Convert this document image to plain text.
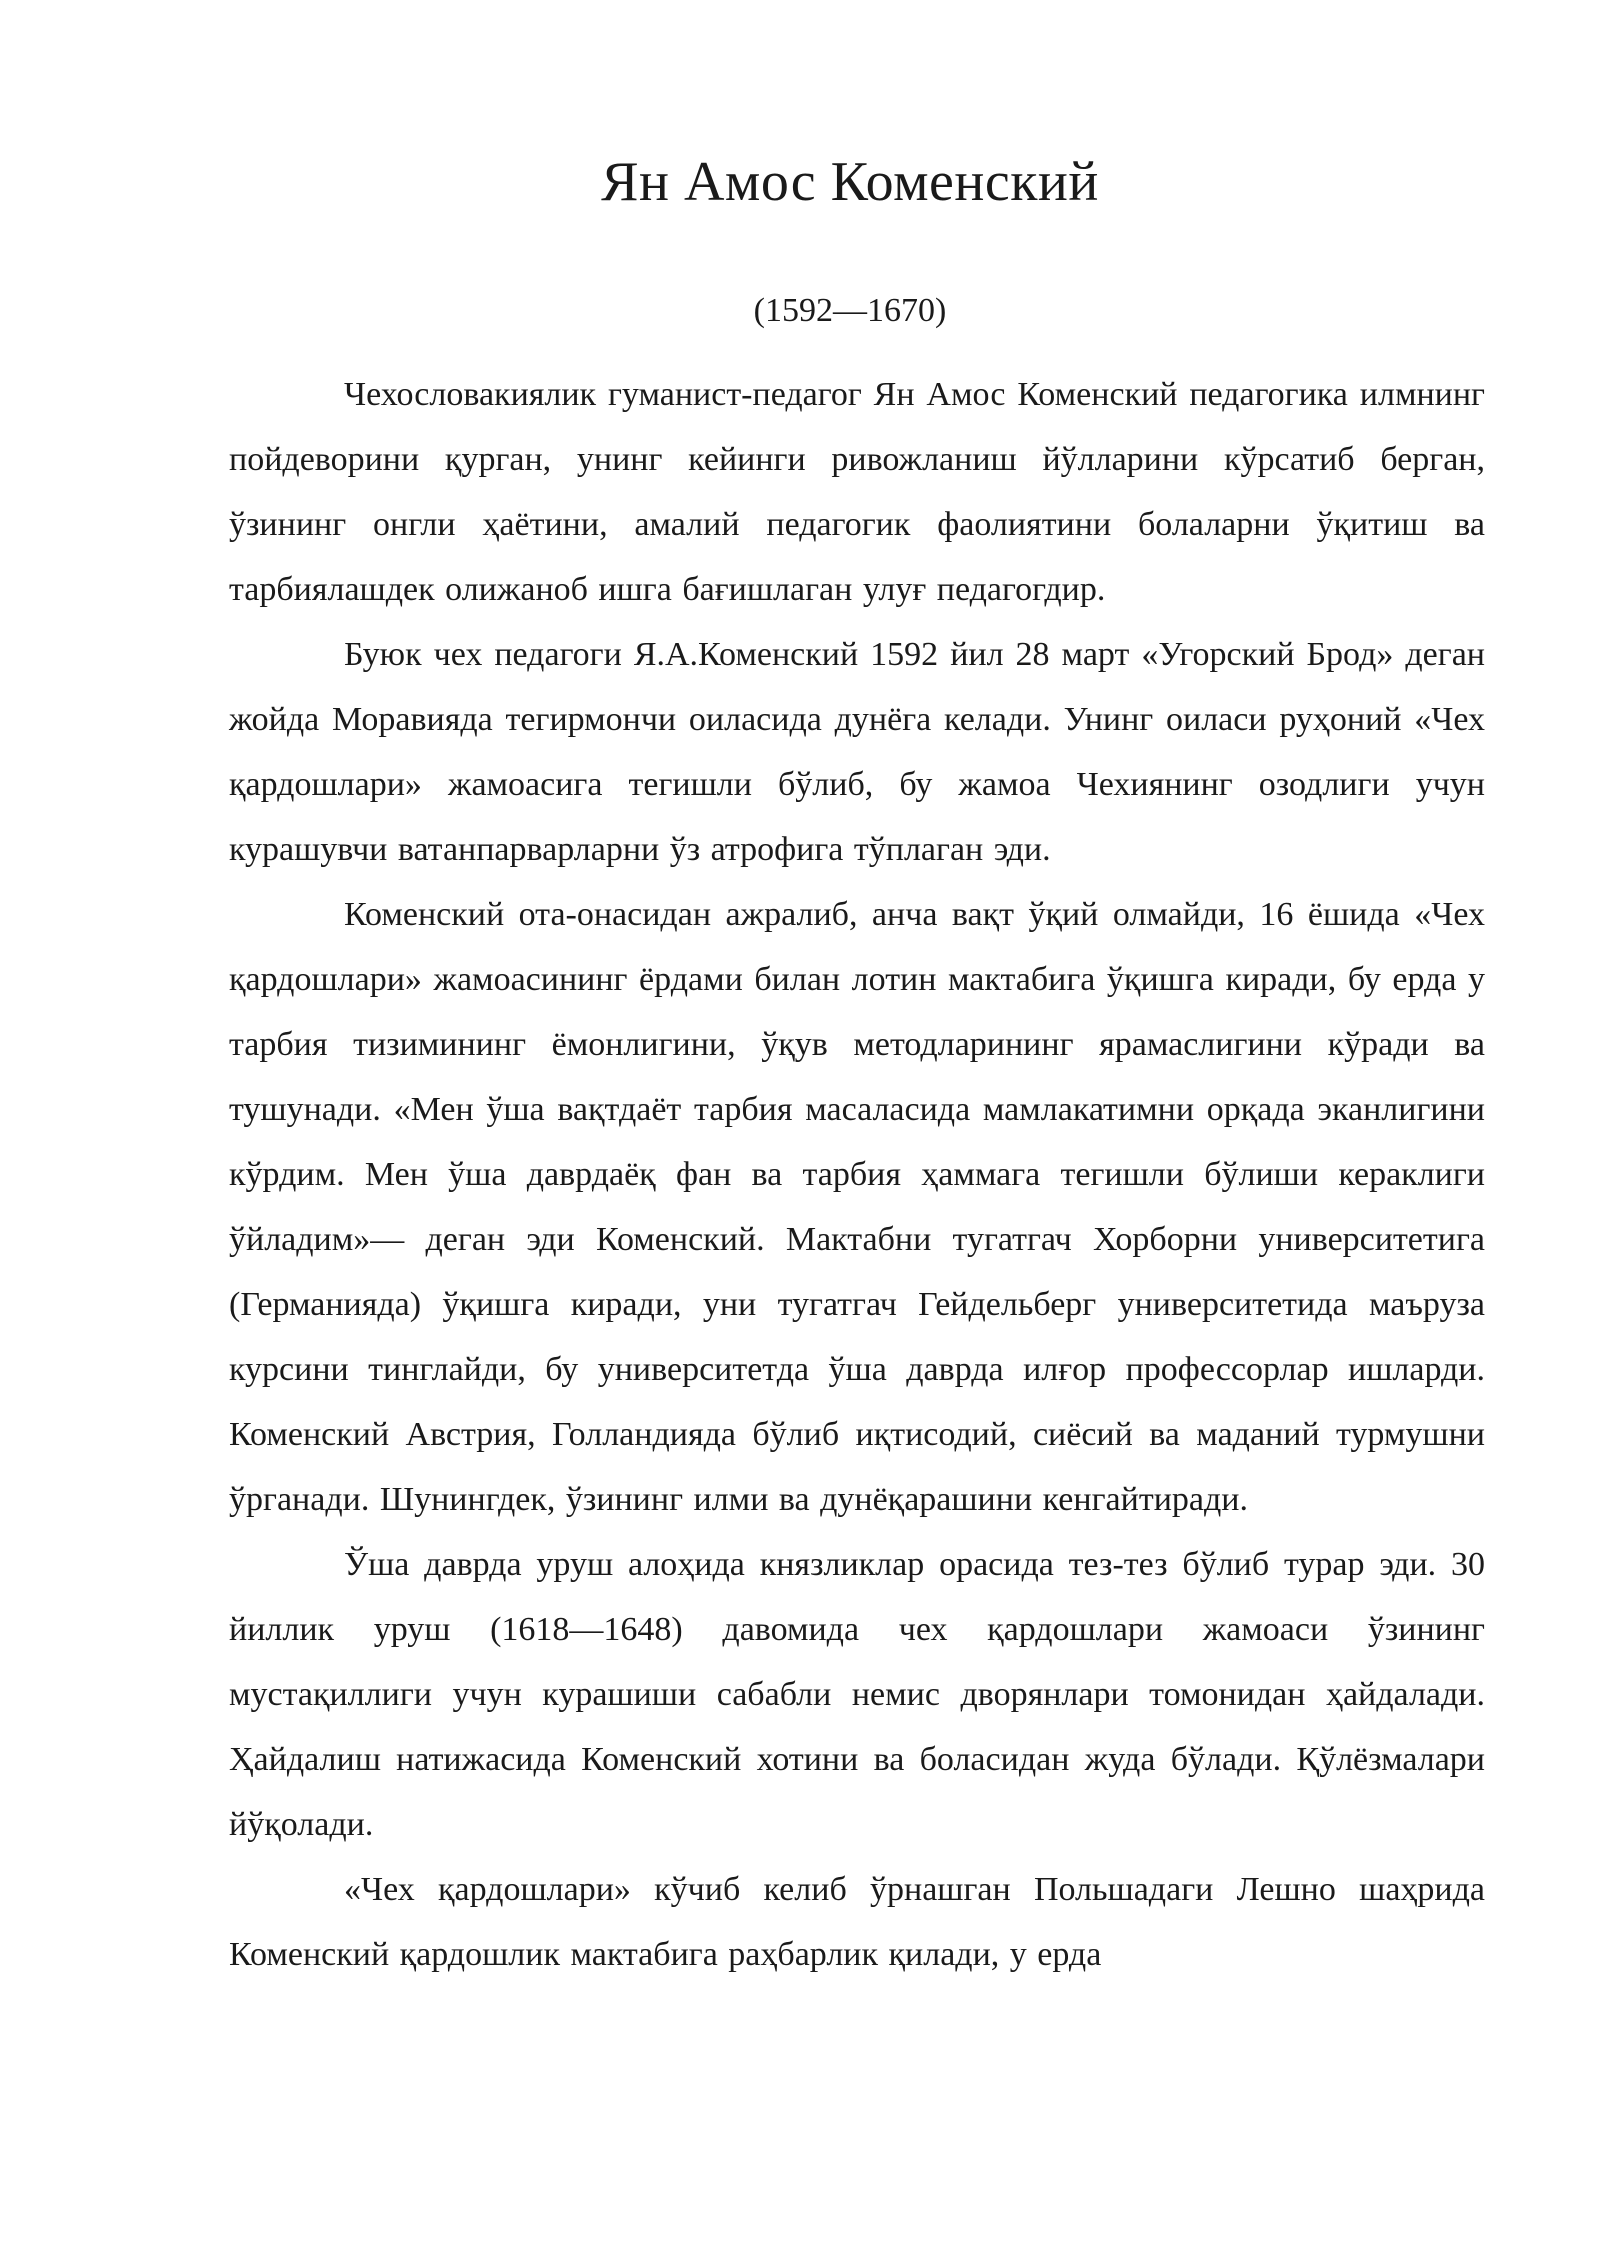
Ян Амос Коменский
(1592—1670)

Чехословакиялик гуманист-педагог Ян Амос Коменский педагогика илмнинг пойдеворини қурган, унинг кейинги ривожланиш йўлларини кўрсатиб берган, ўзининг онгли ҳаётини, амалий педагогик фаолиятини болаларни ўқитиш ва тарбиялашдек олижаноб ишга бағишлаган улуғ педагогдир.

Буюк чех педагоги Я.А.Коменский 1592 йил 28 март «Угорский Брод» деган жойда Моравияда тегирмончи оиласида дунёга келади. Унинг оиласи руҳоний «Чех қардошлари» жамоасига тегишли бўлиб, бу жамоа Чехиянинг озодлиги учун курашувчи ватанпарварларни ўз атрофига тўплаган эди.

Коменский ота-онасидан ажралиб, анча вақт ўқий олмайди, 16 ёшида «Чех қардошлари» жамоасининг ёрдами билан лотин мактабига ўқишга киради, бу ерда у тарбия тизимининг ёмонлигини, ўқув методларининг ярамаслигини кўради ва тушунади. «Мен ўша вақтдаёт тарбия масаласида мамлакатимни орқада эканлигини кўрдим. Мен ўша даврдаёқ фан ва тарбия ҳаммага тегишли бўлиши кераклиги ўйладим»— деган эди Коменский. Мактабни тугатгач Хорборни университетига (Германияда) ўқишга киради, уни тугатгач Гейдельберг университетида маъруза курсини тинглайди, бу университетда ўша даврда илғор профессорлар ишларди. Коменский Австрия, Голландияда бўлиб иқтисодий, сиёсий ва маданий турмушни ўрганади. Шунингдек, ўзининг илми ва дунёқарашини кенгайтиради.

Ўша даврда уруш алоҳида князликлар орасида тез-тез бўлиб турар эди. 30 йиллик уруш (1618—1648) давомида чех қардошлари жамоаси ўзининг мустақиллиги учун курашиши сабабли немис дворянлари томонидан ҳайдалади. Ҳайдалиш натижасида Коменский хотини ва боласидан жуда бўлади. Қўлёзмалари йўқолади.

«Чех қардошлари» кўчиб келиб ўрнашган Польшадаги Лешно шаҳрида Коменский қардошлик мактабига раҳбарлик қилади, у ерда
